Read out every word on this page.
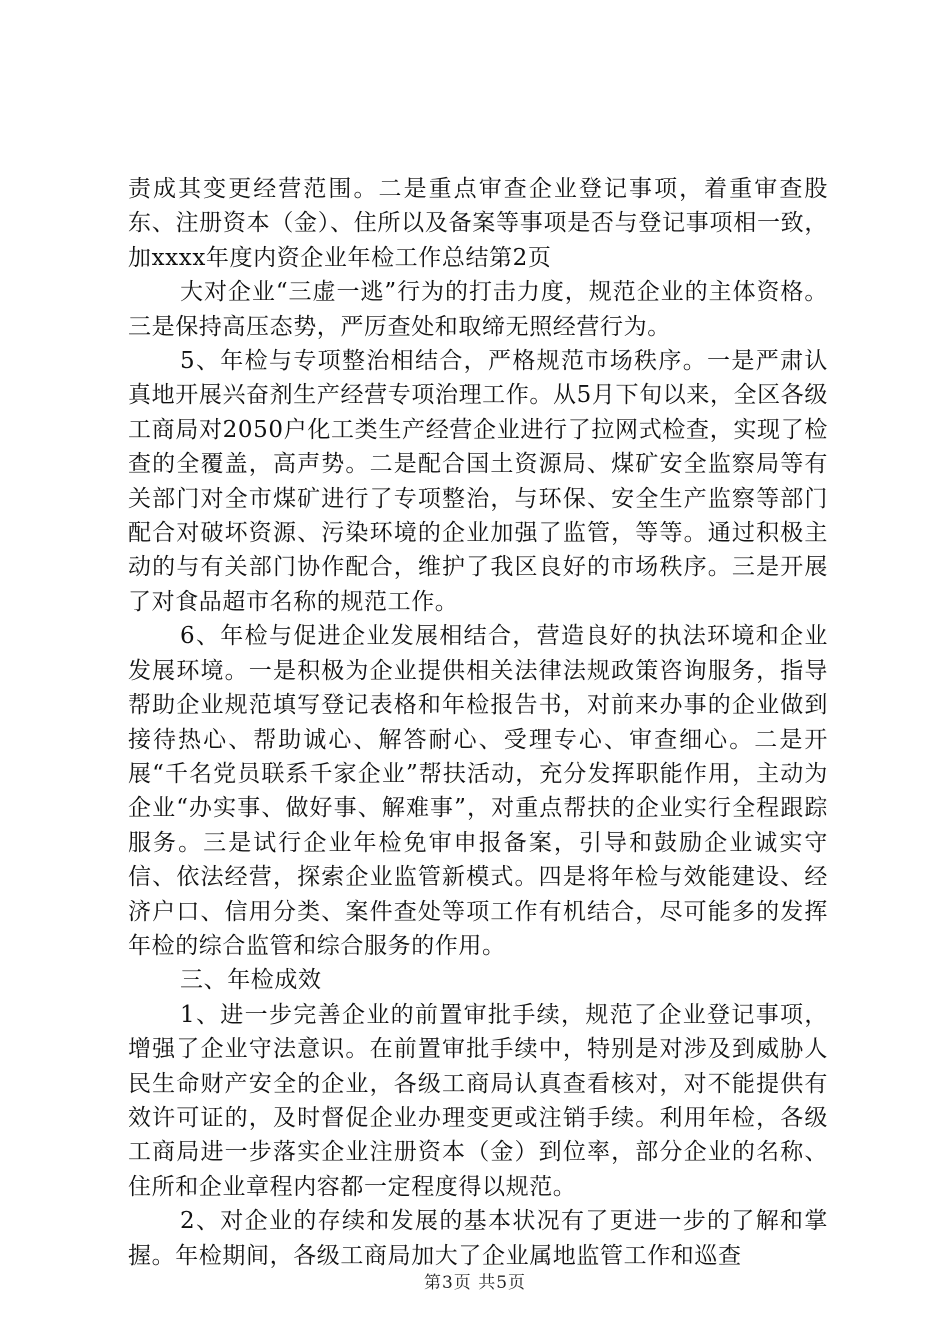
责成其变更经营范围。二是重点审查企业登记事项，着重审查股东、注册资本（金）、住所以及备案等事项是否与登记事项相一致，加xxxx年度内资企业年检工作总结第2页

大对企业“三虚一逃”行为的打击力度，规范企业的主体资格。三是保持高压态势，严厉查处和取缔无照经营行为。

5、年检与专项整治相结合，严格规范市场秩序。一是严肃认真地开展兴奋剂生产经营专项治理工作。从5月下旬以来，全区各级工商局对2050户化工类生产经营企业进行了拉网式检查，实现了检查的全覆盖，高声势。二是配合国土资源局、煤矿安全监察局等有关部门对全市煤矿进行了专项整治，与环保、安全生产监察等部门配合对破坏资源、污染环境的企业加强了监管，等等。通过积极主动的与有关部门协作配合，维护了我区良好的市场秩序。三是开展了对食品超市名称的规范工作。

6、年检与促进企业发展相结合，营造良好的执法环境和企业发展环境。一是积极为企业提供相关法律法规政策咨询服务，指导帮助企业规范填写登记表格和年检报告书，对前来办事的企业做到接待热心、帮助诚心、解答耐心、受理专心、审查细心。二是开展“千名党员联系千家企业”帮扶活动，充分发挥职能作用，主动为企业“办实事、做好事、解难事”，对重点帮扶的企业实行全程跟踪服务。三是试行企业年检免审申报备案，引导和鼓励企业诚实守信、依法经营，探索企业监管新模式。四是将年检与效能建设、经济户口、信用分类、案件查处等项工作有机结合，尽可能多的发挥年检的综合监管和综合服务的作用。

三、年检成效

1、进一步完善企业的前置审批手续，规范了企业登记事项，增强了企业守法意识。在前置审批手续中，特别是对涉及到威胁人民生命财产安全的企业，各级工商局认真查看核对，对不能提供有效许可证的，及时督促企业办理变更或注销手续。利用年检，各级工商局进一步落实企业注册资本（金）到位率，部分企业的名称、住所和企业章程内容都一定程度得以规范。

2、对企业的存续和发展的基本状况有了更进一步的了解和掌握。年检期间，各级工商局加大了企业属地监管工作和巡查

第3页 共5页
